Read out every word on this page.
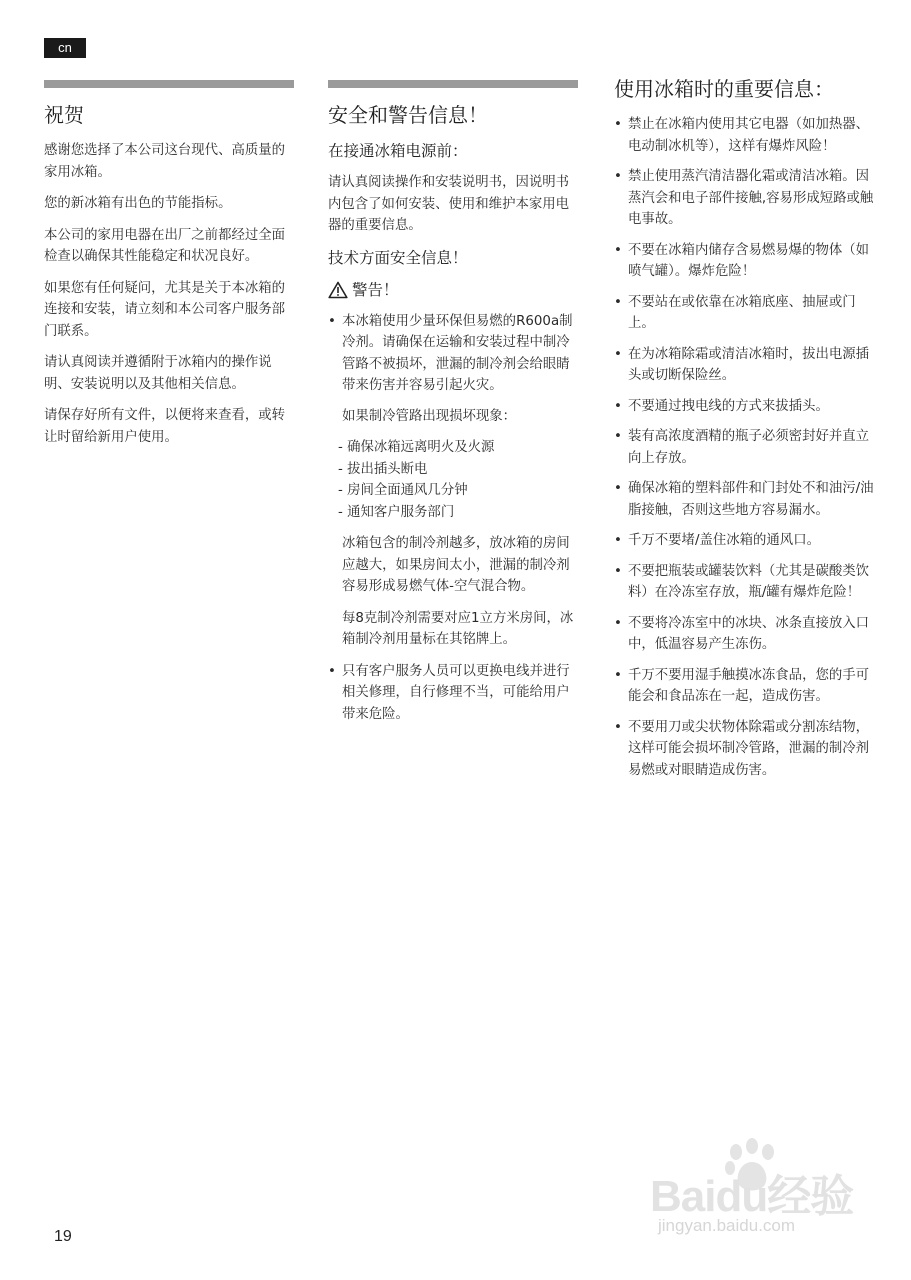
cn
祝贺

感谢您选择了本公司这台现代、高质量的家用冰箱。

您的新冰箱有出色的节能指标。

本公司的家用电器在出厂之前都经过全面检查以确保其性能稳定和状况良好。

如果您有任何疑问，尤其是关于本冰箱的连接和安装，请立刻和本公司客户服务部门联系。

请认真阅读并遵循附于冰箱内的操作说明、安装说明以及其他相关信息。

请保存好所有文件，以便将来查看，或转让时留给新用户使用。

安全和警告信息！
在接通冰箱电源前：

请认真阅读操作和安装说明书，因说明书内包含了如何安装、使用和维护本家用电器的重要信息。

技术方面安全信息！
警告！
• 本冰箱使用少量环保但易燃的R600a制冷剂。请确保在运输和安装过程中制冷管路不被损坏，泄漏的制冷剂会给眼睛带来伤害并容易引起火灾。

如果制冷管路出现损坏现象：

- 确保冰箱远离明火及火源
- 拔出插头断电
- 房间全面通风几分钟
- 通知客户服务部门

冰箱包含的制冷剂越多，放冰箱的房间应越大，如果房间太小，泄漏的制冷剂容易形成易燃气体-空气混合物。

每8克制冷剂需要对应1立方米房间，冰箱制冷剂用量标在其铭牌上。

• 只有客户服务人员可以更换电线并进行相关修理，自行修理不当，可能给用户带来危险。
使用冰箱时的重要信息：
• 禁止在冰箱内使用其它电器（如加热器、电动制冰机等），这样有爆炸风险！
• 禁止使用蒸汽清洁器化霜或清洁冰箱。因蒸汽会和电子部件接触,容易形成短路或触电事故。
• 不要在冰箱内储存含易燃易爆的物体（如喷气罐）。爆炸危险！
• 不要站在或依靠在冰箱底座、抽屉或门上。
• 在为冰箱除霜或清洁冰箱时，拔出电源插头或切断保险丝。
• 不要通过拽电线的方式来拔插头。
• 装有高浓度酒精的瓶子必须密封好并直立向上存放。
• 确保冰箱的塑料部件和门封处不和油污/油脂接触，否则这些地方容易漏水。
• 千万不要堵/盖住冰箱的通风口。
• 不要把瓶装或罐装饮料（尤其是碳酸类饮料）在冷冻室存放，瓶/罐有爆炸危险！
• 不要将冷冻室中的冰块、冰条直接放入口中，低温容易产生冻伤。
• 千万不要用湿手触摸冰冻食品，您的手可能会和食品冻在一起，造成伤害。
• 不要用刀或尖状物体除霜或分割冻结物，这样可能会损坏制冷管路，泄漏的制冷剂易燃或对眼睛造成伤害。
19
Baidu经验
jingyan.baidu.com
